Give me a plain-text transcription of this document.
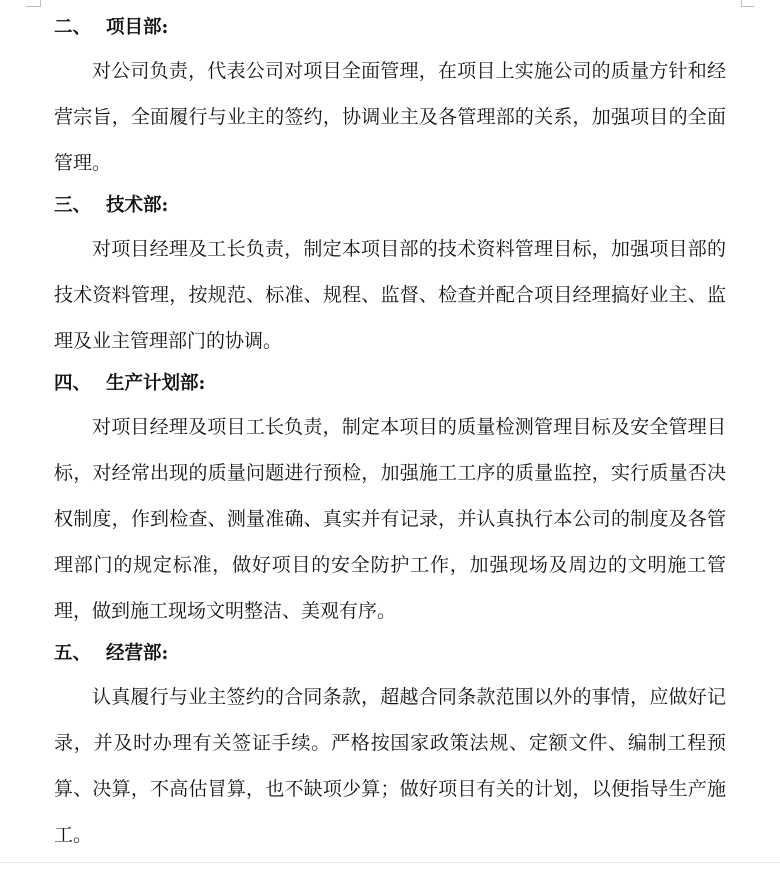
二、 项目部:

对公司负责，代表公司对项目全面管理，在项目上实施公司的质量方针和经营宗旨，全面履行与业主的签约，协调业主及各管理部的关系，加强项目的全面管理。

三、 技术部:

对项目经理及工长负责，制定本项目部的技术资料管理目标，加强项目部的技术资料管理，按规范、标准、规程、监督、检查并配合项目经理搞好业主、监理及业主管理部门的协调。

四、 生产计划部:

对项目经理及项目工长负责，制定本项目的质量检测管理目标及安全管理目标，对经常出现的质量问题进行预检，加强施工工序的质量监控，实行质量否决权制度，作到检查、测量准确、真实并有记录，并认真执行本公司的制度及各管理部门的规定标准，做好项目的安全防护工作，加强现场及周边的文明施工管理，做到施工现场文明整洁、美观有序。

五、 经营部:

认真履行与业主签约的合同条款，超越合同条款范围以外的事情，应做好记录，并及时办理有关签证手续。严格按国家政策法规、定额文件、编制工程预算、决算，不高估冒算，也不缺项少算；做好项目有关的计划，以便指导生产施工。
